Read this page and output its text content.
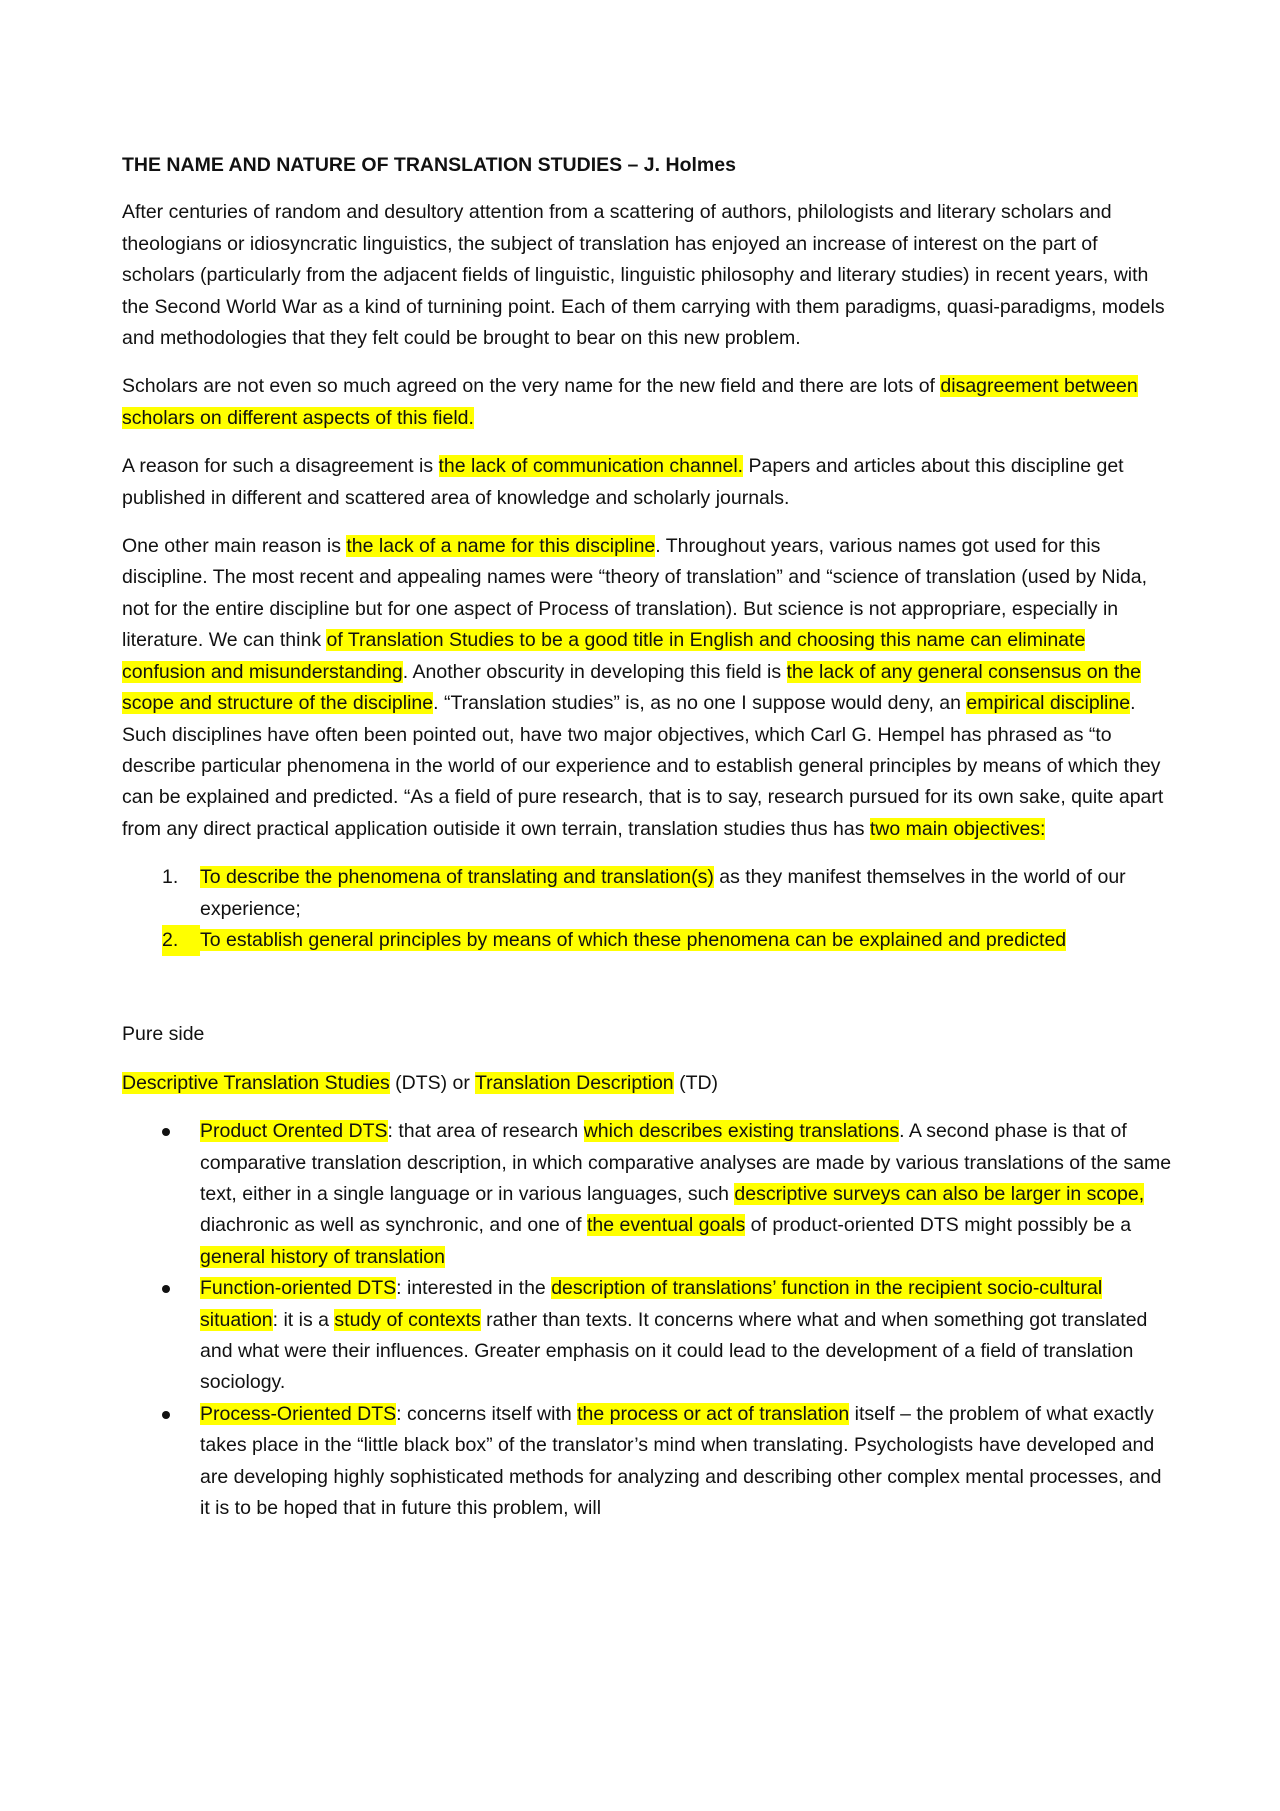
THE NAME AND NATURE OF TRANSLATION STUDIES – J. Holmes

After centuries of random and desultory attention from a scattering of authors, philologists and literary scholars and theologians or idiosyncratic linguistics, the subject of translation has enjoyed an increase of interest on the part of scholars (particularly from the adjacent fields of linguistic, linguistic philosophy and literary studies) in recent years, with the Second World War as a kind of turnining point. Each of them carrying with them paradigms, quasi-paradigms, models and methodologies that they felt could be brought to bear on this new problem.

Scholars are not even so much agreed on the very name for the new field and there are lots of disagreement between scholars on different aspects of this field.

A reason for such a disagreement is the lack of communication channel. Papers and articles about this discipline get published in different and scattered area of knowledge and scholarly journals.

One other main reason is the lack of a name for this discipline. Throughout years, various names got used for this discipline. The most recent and appealing names were “theory of translation” and “science of translation (used by Nida, not for the entire discipline but for one aspect of Process of translation). But science is not appropriare, especially in literature. We can think of Translation Studies to be a good title in English and choosing this name can eliminate confusion and misunderstanding. Another obscurity in developing this field is the lack of any general consensus on the scope and structure of the discipline. “Translation studies” is, as no one I suppose would deny, an empirical discipline. Such disciplines have often been pointed out, have two major objectives, which Carl G. Hempel has phrased as “to describe particular phenomena in the world of our experience and to establish general principles by means of which they can be explained and predicted. “As a field of pure research, that is to say, research pursued for its own sake, quite apart from any direct practical application outiside it own terrain, translation studies thus has two main objectives:

1.	To describe the phenomena of translating and translation(s) as they manifest themselves in the world of our experience;
2.	To establish general principles by means of which these phenomena can be explained and predicted

Pure side

Descriptive Translation Studies (DTS) or Translation Description (TD)

Product Orented DTS: that area of research which describes existing translations. A second phase is that of comparative translation description, in which comparative analyses are made by various translations of the same text, either in a single language or in various languages, such descriptive surveys can also be larger in scope, diachronic as well as synchronic, and one of the eventual goals of product-oriented DTS might possibly be a general history of translation
Function-oriented DTS: interested in the description of translations’ function in the recipient socio-cultural situation: it is a study of contexts rather than texts. It concerns where what and when something got translated and what were their influences. Greater emphasis on it could lead to the development of a field of translation sociology.
Process-Oriented DTS: concerns itself with the process or act of translation itself – the problem of what exactly takes place in the “little black box” of the translator’s mind when translating. Psychologists have developed and are developing highly sophisticated methods for analyzing and describing other complex mental processes, and it is to be hoped that in future this problem, will
